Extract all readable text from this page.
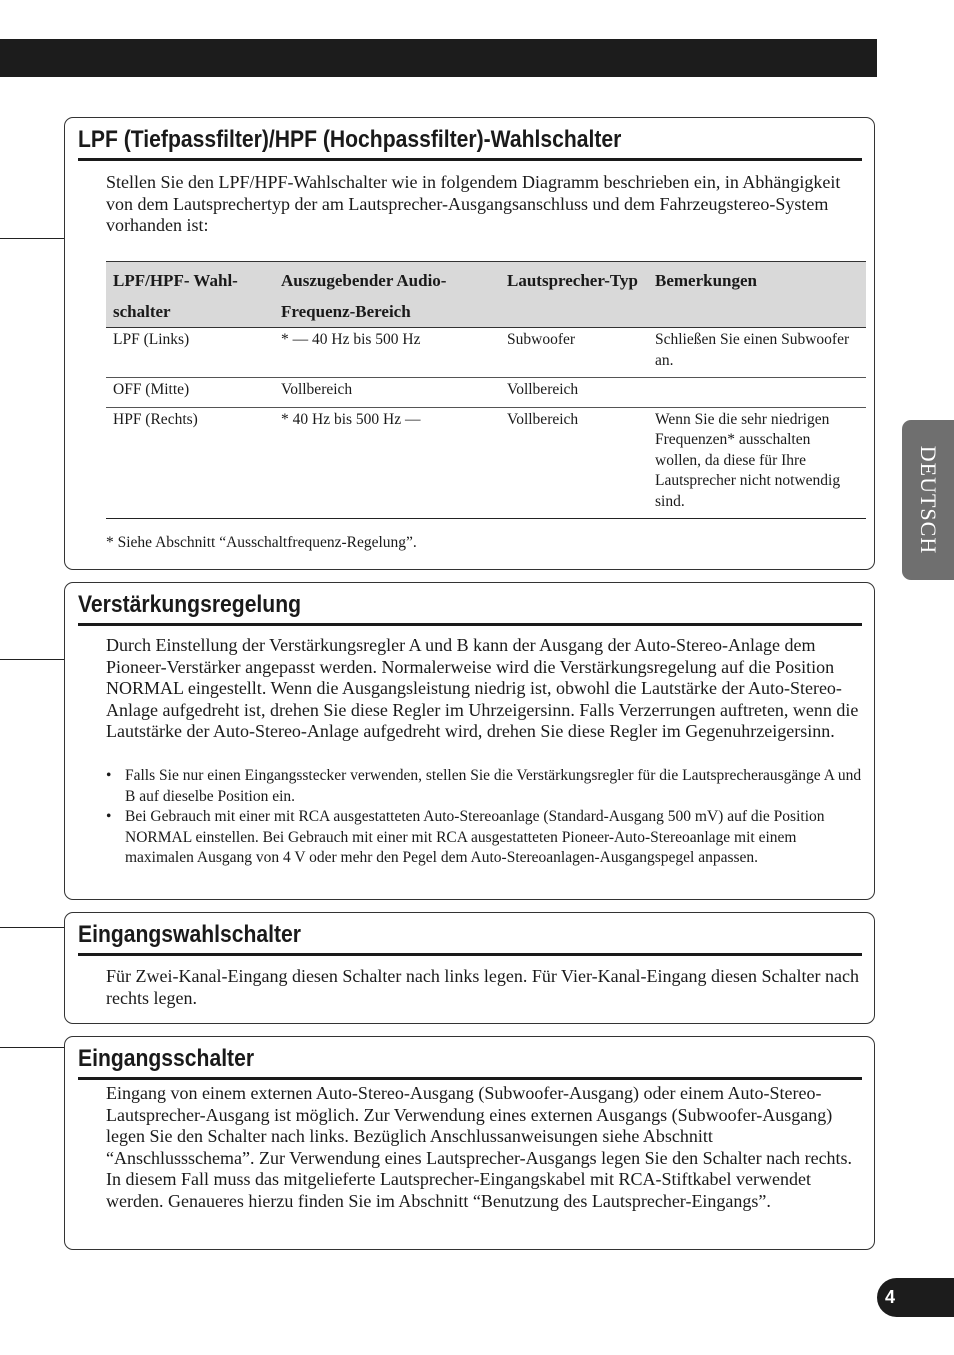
LPF (Tiefpassfilter)/HPF (Hochpassfilter)-Wahlschalter

Stellen Sie den LPF/HPF-Wahlschalter wie in folgendem Diagramm beschrieben ein, in Abhängigkeit von dem Lautsprechertyp der am Lautsprecher-Ausgangsanschluss und dem Fahrzeugstereo-System vorhanden ist:

LPF/HPF- Wahl-schalter	Auszugebender Audio-Frequenz-Bereich	Lautsprecher-Typ	Bemerkungen
LPF (Links)	* — 40 Hz bis 500 Hz	Subwoofer	Schließen Sie einen Subwoofer an.
OFF (Mitte)	Vollbereich	Vollbereich	
HPF (Rechts)	* 40 Hz bis 500 Hz —	Vollbereich	Wenn Sie die sehr niedrigen Frequenzen* ausschalten wollen, da diese für Ihre Lautsprecher nicht notwendig sind.
* Siehe Abschnitt “Ausschaltfrequenz-Regelung”.
Verstärkungsregelung

Durch Einstellung der Verstärkungsregler A und B kann der Ausgang der Auto-Stereo-Anlage dem Pioneer-Verstärker angepasst werden. Normalerweise wird die Verstärkungsregelung auf die Position NORMAL eingestellt. Wenn die Ausgangsleistung niedrig ist, obwohl die Lautstärke der Auto-Stereo-Anlage aufgedreht ist, drehen Sie diese Regler im Uhrzeigersinn. Falls Verzerrungen auftreten, wenn die Lautstärke der Auto-Stereo-Anlage aufgedreht wird, drehen Sie diese Regler im Gegenuhrzeigersinn.

• Falls Sie nur einen Eingangsstecker verwenden, stellen Sie die Verstärkungsregler für die Lautsprecherausgänge A und B auf dieselbe Position ein.
• Bei Gebrauch mit einer mit RCA ausgestatteten Auto-Stereoanlage (Standard-Ausgang 500 mV) auf die Position NORMAL einstellen. Bei Gebrauch mit einer mit RCA ausgestatteten Pioneer-Auto-Stereoanlage mit einem maximalen Ausgang von 4 V oder mehr den Pegel dem Auto-Stereoanlagen-Ausgangspegel anpassen.
Eingangswahlschalter

Für Zwei-Kanal-Eingang diesen Schalter nach links legen. Für Vier-Kanal-Eingang diesen Schalter nach rechts legen.

Eingangsschalter

Eingang von einem externen Auto-Stereo-Ausgang (Subwoofer-Ausgang) oder einem Auto-Stereo-Lautsprecher-Ausgang ist möglich. Zur Verwendung eines externen Ausgangs (Subwoofer-Ausgang) legen Sie den Schalter nach links. Bezüglich Anschlussanweisungen siehe Abschnitt “Anschlussschema”. Zur Verwendung eines Lautsprecher-Ausgangs legen Sie den Schalter nach rechts. In diesem Fall muss das mitgelieferte Lautsprecher-Eingangskabel mit RCA-Stiftkabel verwendet werden. Genaueres hierzu finden Sie im Abschnitt “Benutzung des Lautsprecher-Eingangs”.

DEUTSCH
4
